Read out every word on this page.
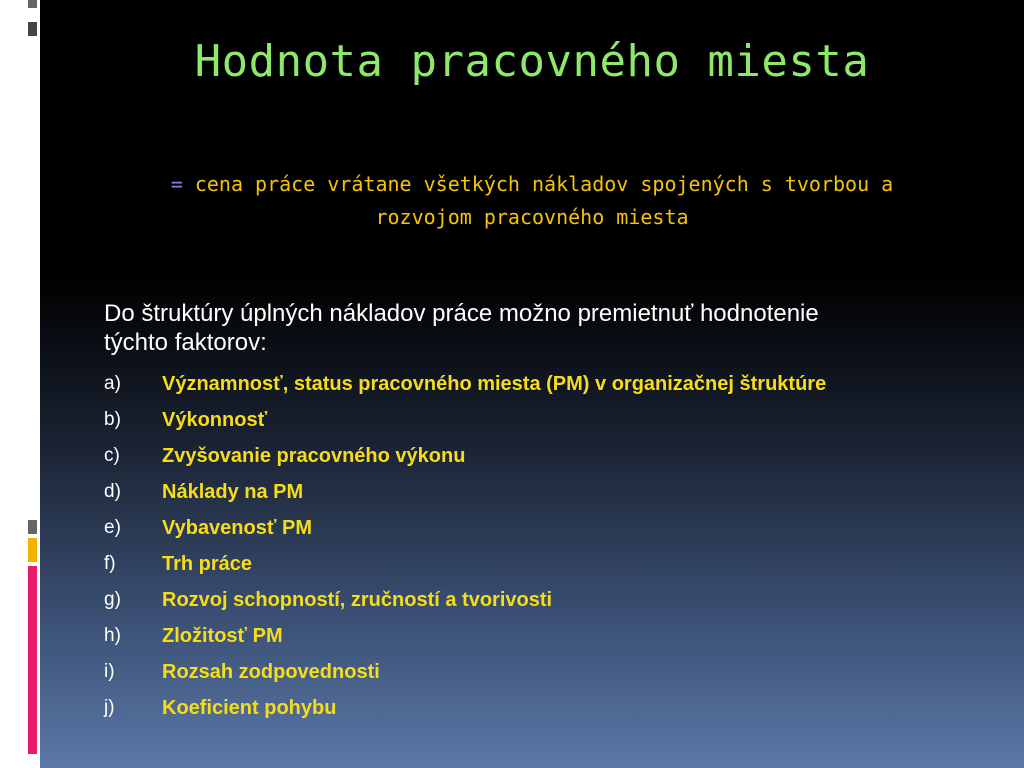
Hodnota pracovného miesta
= cena práce vrátane všetkých nákladov spojených s tvorbou a
rozvojom pracovného miesta
Do štruktúry úplných nákladov práce možno premietnuť hodnotenie
týchto faktorov:
a) Významnosť, status pracovného miesta (PM) v organizačnej štruktúre
b) Výkonnosť
c) Zvyšovanie pracovného výkonu
d) Náklady na PM
e) Vybavenosť PM
f) Trh práce
g) Rozvoj schopností, zručností a tvorivosti
h) Zložitosť PM
i) Rozsah zodpovednosti
j) Koeficient pohybu
